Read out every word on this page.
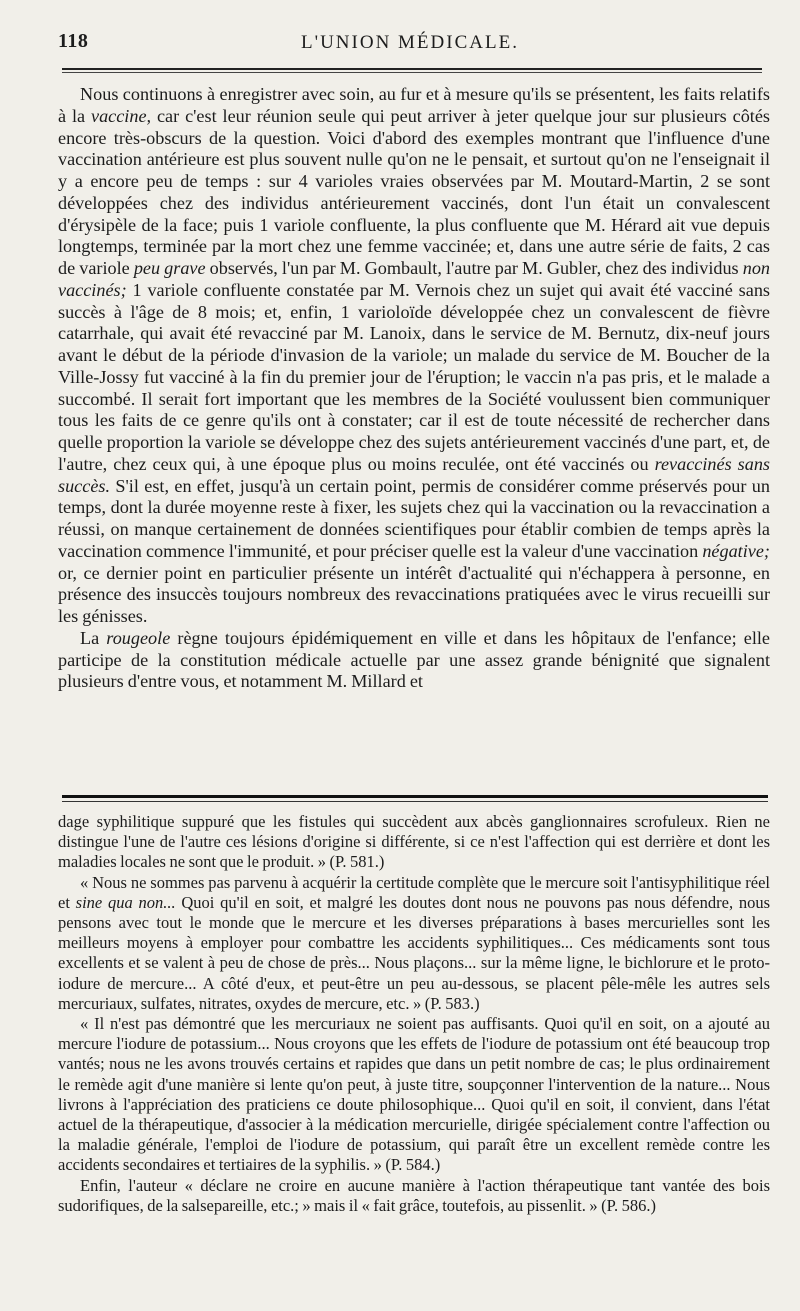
118	L'UNION MÉDICALE.

Nous continuons à enregistrer avec soin, au fur et à mesure qu'ils se présentent, les faits relatifs à la vaccine, car c'est leur réunion seule qui peut arriver à jeter quelque jour sur plusieurs côtés encore très-obscurs de la question. Voici d'abord des exemples montrant que l'influence d'une vaccination antérieure est plus souvent nulle qu'on ne le pensait, et surtout qu'on ne l'enseignait il y a encore peu de temps : sur 4 varioles vraies observées par M. Moutard-Martin, 2 se sont développées chez des individus antérieurement vaccinés, dont l'un était un convalescent d'érysipèle de la face; puis 1 variole confluente, la plus confluente que M. Hérard ait vue depuis longtemps, terminée par la mort chez une femme vaccinée; et, dans une autre série de faits, 2 cas de variole peu grave observés, l'un par M. Gombault, l'autre par M. Gubler, chez des individus non vaccinés; 1 variole confluente constatée par M. Vernois chez un sujet qui avait été vacciné sans succès à l'âge de 8 mois; et, enfin, 1 varioloïde développée chez un convalescent de fièvre catarrhale, qui avait été revacciné par M. Lanoix, dans le service de M. Bernutz, dix-neuf jours avant le début de la période d'invasion de la variole; un malade du service de M. Boucher de la Ville-Jossy fut vacciné à la fin du premier jour de l'éruption; le vaccin n'a pas pris, et le malade a succombé. Il serait fort important que les membres de la Société voulussent bien communiquer tous les faits de ce genre qu'ils ont à constater; car il est de toute nécessité de rechercher dans quelle proportion la variole se développe chez des sujets antérieurement vaccinés d'une part, et, de l'autre, chez ceux qui, à une époque plus ou moins reculée, ont été vaccinés ou revaccinés sans succès. S'il est, en effet, jusqu'à un certain point, permis de considérer comme préservés pour un temps, dont la durée moyenne reste à fixer, les sujets chez qui la vaccination ou la revaccination a réussi, on manque certainement de données scientifiques pour établir combien de temps après la vaccination commence l'immunité, et pour préciser quelle est la valeur d'une vaccination négative; or, ce dernier point en particulier présente un intérêt d'actualité qui n'échappera à personne, en présence des insuccès toujours nombreux des revaccinations pratiquées avec le virus recueilli sur les génisses.

La rougeole règne toujours épidémiquement en ville et dans les hôpitaux de l'enfance; elle participe de la constitution médicale actuelle par une assez grande bénignité que signalent plusieurs d'entre vous, et notamment M. Millard et

dage syphilitique suppuré que les fistules qui succèdent aux abcès ganglionnaires scrofuleux. Rien ne distingue l'une de l'autre ces lésions d'origine si différente, si ce n'est l'affection qui est derrière et dont les maladies locales ne sont que le produit. » (P. 581.)

« Nous ne sommes pas parvenu à acquérir la certitude complète que le mercure soit l'antisyphilitique réel et sine qua non... Quoi qu'il en soit, et malgré les doutes dont nous ne pouvons pas nous défendre, nous pensons avec tout le monde que le mercure et les diverses préparations à bases mercurielles sont les meilleurs moyens à employer pour combattre les accidents syphilitiques... Ces médicaments sont tous excellents et se valent à peu de chose de près... Nous plaçons... sur la même ligne, le bichlorure et le proto-iodure de mercure... A côté d'eux, et peut-être un peu au-dessous, se placent pêle-mêle les autres sels mercuriaux, sulfates, nitrates, oxydes de mercure, etc. » (P. 583.)

« Il n'est pas démontré que les mercuriaux ne soient pas auffisants. Quoi qu'il en soit, on a ajouté au mercure l'iodure de potassium... Nous croyons que les effets de l'iodure de potassium ont été beaucoup trop vantés; nous ne les avons trouvés certains et rapides que dans un petit nombre de cas; le plus ordinairement le remède agit d'une manière si lente qu'on peut, à juste titre, soupçonner l'intervention de la nature... Nous livrons à l'appréciation des praticiens ce doute philosophique... Quoi qu'il en soit, il convient, dans l'état actuel de la thérapeutique, d'associer à la médication mercurielle, dirigée spécialement contre l'affection ou la maladie générale, l'emploi de l'iodure de potassium, qui paraît être un excellent remède contre les accidents secondaires et tertiaires de la syphilis. » (P. 584.)

Enfin, l'auteur « déclare ne croire en aucune manière à l'action thérapeutique tant vantée des bois sudorifiques, de la salsepareille, etc.; » mais il « fait grâce, toutefois, au pissenlit. » (P. 586.)
